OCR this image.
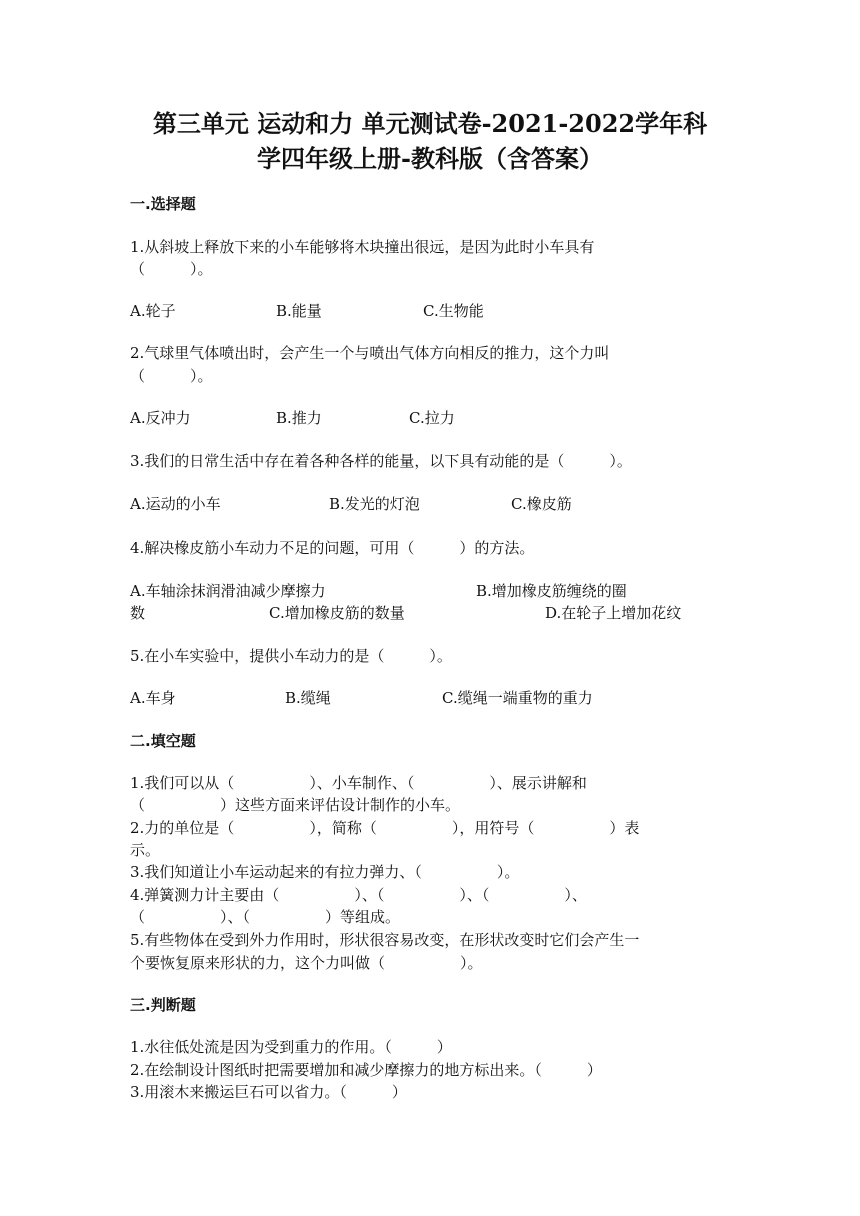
第三单元 运动和力 单元测试卷-2021-2022学年科
学四年级上册-教科版（含答案）
一.选择题
1.从斜坡上释放下来的小车能够将木块撞出很远，是因为此时小车具有
（　　　）。
A.轮子	B.能量	C.生物能
2.气球里气体喷出时，会产生一个与喷出气体方向相反的推力，这个力叫
（　　　）。
A.反冲力	B.推力	C.拉力
3.我们的日常生活中存在着各种各样的能量，以下具有动能的是（　　　）。
A.运动的小车	B.发光的灯泡	C.橡皮筋
4.解决橡皮筋小车动力不足的问题，可用（　　　）的方法。
A.车轴涂抹润滑油减少摩擦力	B.增加橡皮筋缠绕的圈
数	C.增加橡皮筋的数量	D.在轮子上增加花纹
5.在小车实验中，提供小车动力的是（　　　）。
A.车身	B.缆绳	C.缆绳一端重物的重力
二.填空题
1.我们可以从（　　　　　）、小车制作、（　　　　　）、展示讲解和
（　　　　　）这些方面来评估设计制作的小车。
2.力的单位是（　　　　　），简称（　　　　　），用符号（　　　　　）表
示。
3.我们知道让小车运动起来的有拉力弹力、（　　　　　）。
4.弹簧测力计主要由（　　　　　）、（　　　　　）、（　　　　　）、
（　　　　　）、（　　　　　）等组成。
5.有些物体在受到外力作用时，形状很容易改变，在形状改变时它们会产生一
个要恢复原来形状的力，这个力叫做（　　　　　）。
三.判断题
1.水往低处流是因为受到重力的作用。（　　　）
2.在绘制设计图纸时把需要增加和减少摩擦力的地方标出来。（　　　）
3.用滚木来搬运巨石可以省力。（　　　）
